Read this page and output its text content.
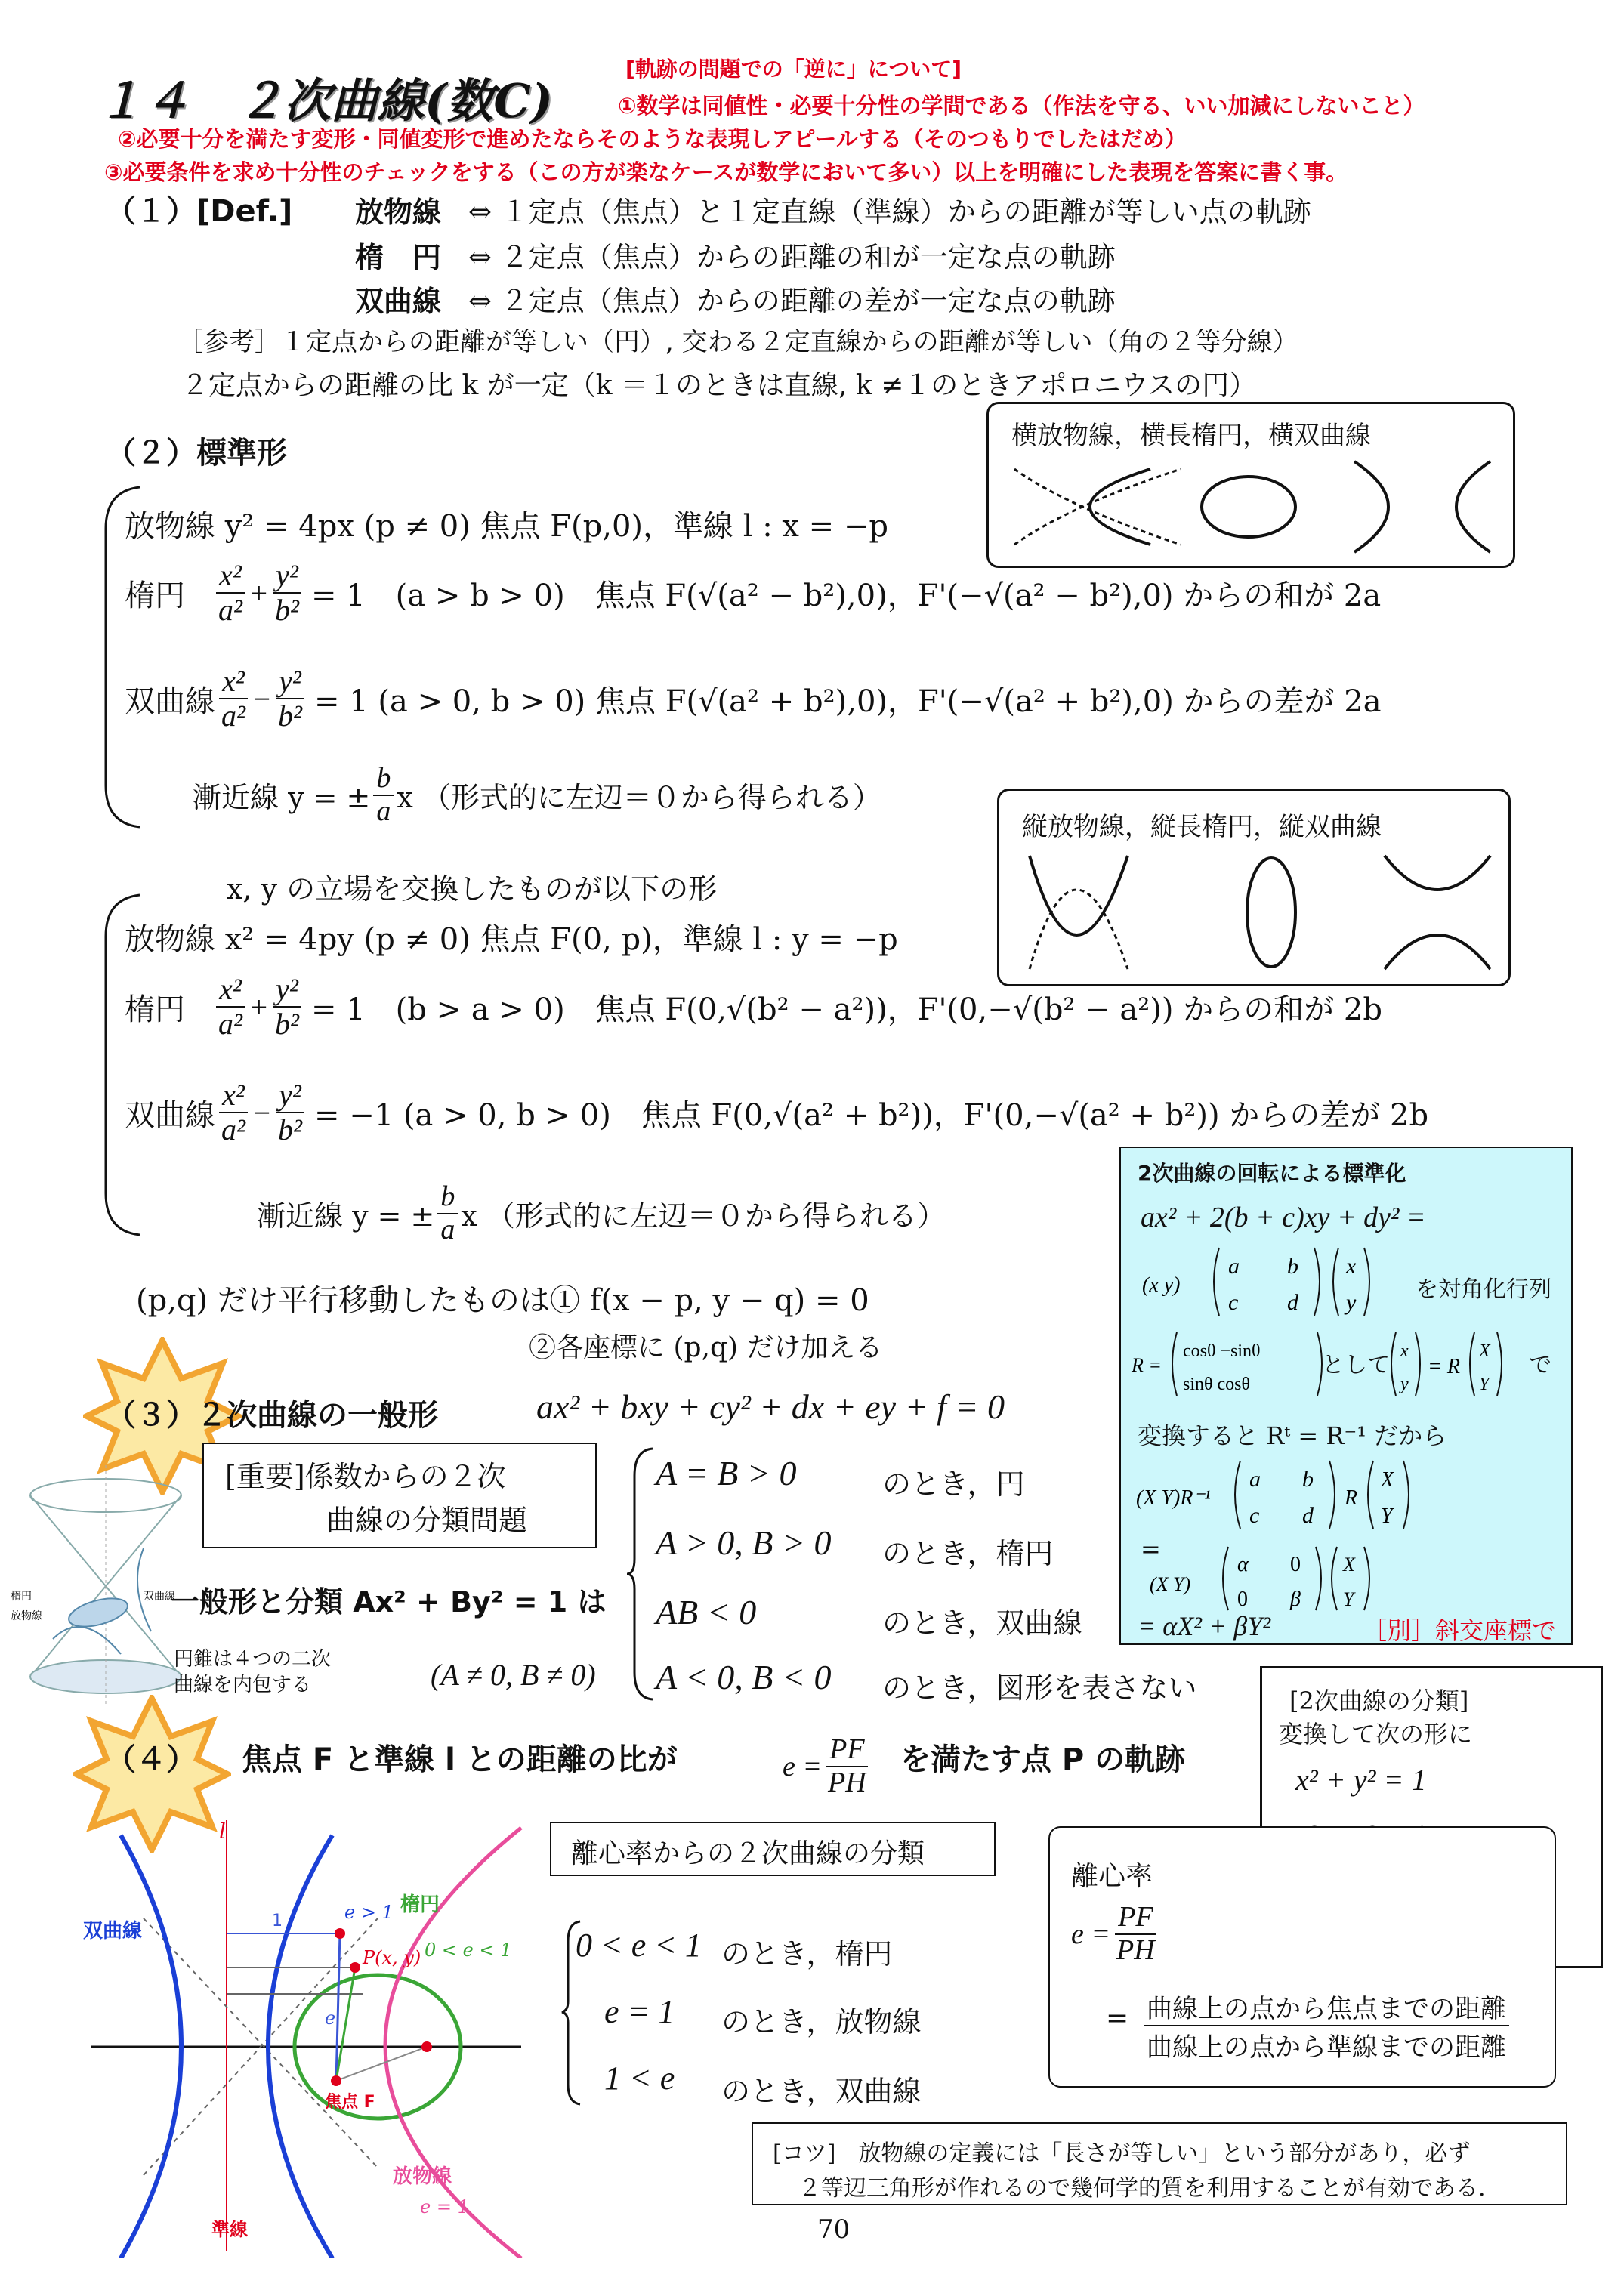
１４　２次曲線(数C)
[軌跡の問題での「逆に」について]
①数学は同値性・必要十分性の学問である（作法を守る、いい加減にしないこと）
②必要十分を満たす変形・同値変形で進めたならそのような表現しアピールする（そのつもりでしたはだめ）
③必要条件を求め十分性のチェックをする（この方が楽なケースが数学において多い）以上を明確にした表現を答案に書く事。
（１）[Def.] 放物線 ⇔ １定点（焦点）と１定直線（準線）からの距離が等しい点の軌跡
楕　円 ⇔ ２定点（焦点）からの距離の和が一定な点の軌跡
双曲線 ⇔ ２定点（焦点）からの距離の差が一定な点の軌跡
［参考］１定点からの距離が等しい（円）, 交わる２定直線からの距離が等しい（角の２等分線）
２定点からの距離の比 k が一定（k ＝１のときは直線, k ≠１のときアポロニウスの円）
（２）標準形	横放物線，横長楕円，横双曲線
放物線 y² = 4px (p ≠ 0) 焦点 F(p,0)，準線 l : x = −p
楕円 $\frac{\text{x²}}{\text{a²}} + \frac{\text{y²}}{\text{b²}} = 1$　(a > b > 0)　焦点 F(√(a² − b²),0)，F'(−√(a² − b²),0) からの和が 2a
双曲線 $\frac{\text{x²}}{\text{a²}} - \frac{\text{y²}}{\text{b²}} = 1$ (a > 0, b > 0) 焦点 F(√(a² + b²),0)，F'(−√(a² + b²),0) からの差が 2a
漸近線 y = ± $\frac{b}{a}$ x （形式的に左辺＝０から得られる）
縦放物線，縦長楕円，縦双曲線
x, y の立場を交換したものが以下の形
放物線 x² = 4py (p ≠ 0) 焦点 F(0, p)，準線 l : y = −p
楕円 $\frac{\text{x²}}{\text{a²}} + \frac{\text{y²}}{\text{b²}} = 1$　(b > a > 0)　焦点 F(0,√(b² − a²))，F'(0,−√(b² − a²)) からの和が 2b
双曲線 $\frac{\text{x²}}{\text{a²}} - \frac{\text{y²}}{\text{b²}} = -1$ (a > 0, b > 0)　焦点 F(0,√(a² + b²))，F'(0,−√(a² + b²)) からの差が 2b
漸近線 y = ± $\frac{b}{a}$ x （形式的に左辺＝０から得られる）
(p,q) だけ平行移動したものは① f(x − p, y − q) = 0
②各座標に (p,q) だけ加える
2次曲線の回転による標準化
ax² + 2(b + c)xy + dy² =
(x y)
a b
c d
x
y	を対角化行列
R =
cosθ −sinθ
sinθ cosθ
として
x
y
= R
X
Y
で
変換すると Rᵗ = R⁻¹ だから
(X Y)R⁻¹
a b
c d
R
X
Y
=
(X Y)
α 0
0 β
X
Y
= αX² + βY²	［別］斜交座標で
（３）２次曲線の一般形	ax² + bxy + cy² + dx + ey + f = 0
楕円
放物線
双曲線
[重要]係数からの２次
曲線の分類問題
一般形と分類 Ax² + By² = 1 は
円錐は４つの二次
曲線を内包する	(A ≠ 0, B ≠ 0)
A = B > 0	のとき，円
A > 0, B > 0 のとき，楕円
AB < 0	のとき，双曲線
A < 0, B < 0 のとき，図形を表さない	[2次曲線の分類]
変換して次の形に
x² + y² = 1
（４） 焦点 F と準線 l との距離の比が	$e = \frac{PF}{PH}$ を満たす点 P の軌跡
双曲線
楕円
放物線
準線
焦点 F
P(x, y)
e > 1
0 < e < 1
e = 1
l
1
e
離心率からの２次曲線の分類
0 < e < 1 のとき，楕円
e = 1 のとき，放物線
1 < e のとき，双曲線
離心率
$e = \frac{PF}{PH}$
= 曲線上の点から焦点までの距離
曲線上の点から準線までの距離
[コツ]　放物線の定義には「長さが等しい」という部分があり，必ず
２等辺三角形が作れるので幾何学的質を利用することが有効である.
70
